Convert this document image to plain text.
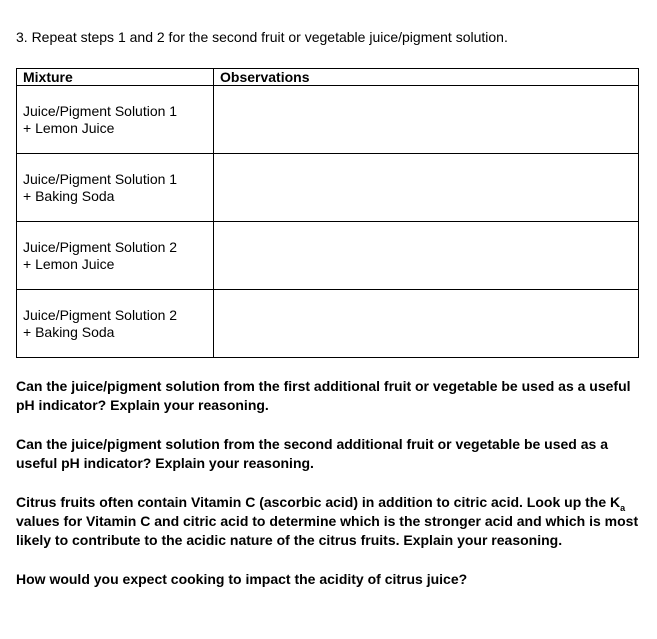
3. Repeat steps 1 and 2 for the second fruit or vegetable juice/pigment solution.
Mixture	Observations

Juice/Pigment Solution 1
+ Lemon Juice	

Juice/Pigment Solution 1
+ Baking Soda	

Juice/Pigment Solution 2
+ Lemon Juice	

Juice/Pigment Solution 2
+ Baking Soda	

Can the juice/pigment solution from the first additional fruit or vegetable be used as a useful pH indicator? Explain your reasoning.

Can the juice/pigment solution from the second additional fruit or vegetable be used as a useful pH indicator? Explain your reasoning.

Citrus fruits often contain Vitamin C (ascorbic acid) in addition to citric acid. Look up the $K_a$ values for Vitamin C and citric acid to determine which is the stronger acid and which is most likely to contribute to the acidic nature of the citrus fruits. Explain your reasoning.

How would you expect cooking to impact the acidity of citrus juice?
